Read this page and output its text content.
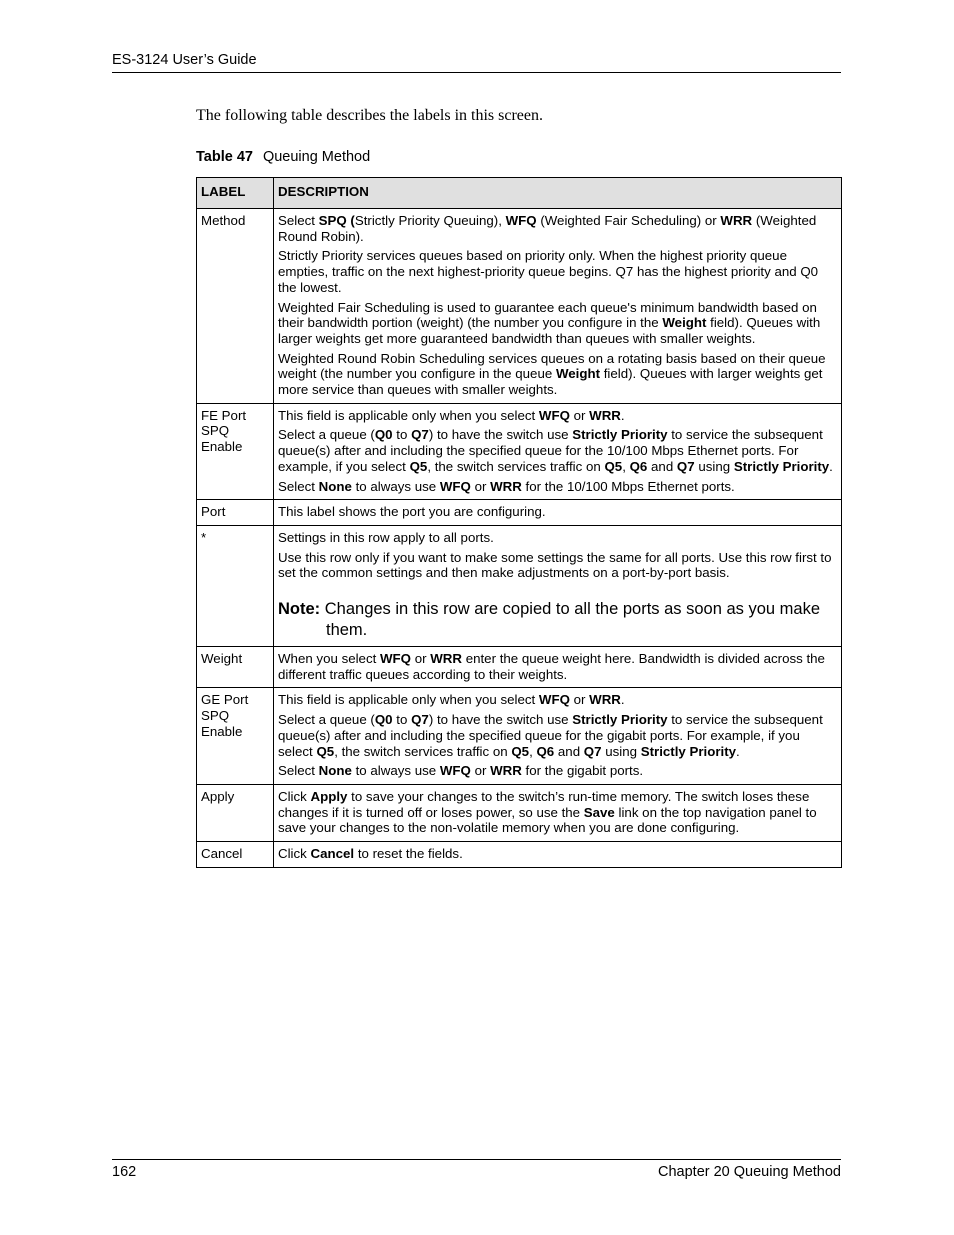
ES-3124 User’s Guide
The following table describes the labels in this screen.
Table 47 Queuing Method
LABEL	DESCRIPTION
Method	Select SPQ (Strictly Priority Queuing), WFQ (Weighted Fair Scheduling) or WRR (Weighted Round Robin).

Strictly Priority services queues based on priority only. When the highest priority queue empties, traffic on the next highest-priority queue begins. Q7 has the highest priority and Q0 the lowest.

Weighted Fair Scheduling is used to guarantee each queue's minimum bandwidth based on their bandwidth portion (weight) (the number you configure in the Weight field). Queues with larger weights get more guaranteed bandwidth than queues with smaller weights.

Weighted Round Robin Scheduling services queues on a rotating basis based on their queue weight (the number you configure in the queue Weight field). Queues with larger weights get more service than queues with smaller weights.

FE Port SPQ Enable	This field is applicable only when you select WFQ or WRR.

Select a queue (Q0 to Q7) to have the switch use Strictly Priority to service the subsequent queue(s) after and including the specified queue for the 10/100 Mbps Ethernet ports. For example, if you select Q5, the switch services traffic on Q5, Q6 and Q7 using Strictly Priority.

Select None to always use WFQ or WRR for the 10/100 Mbps Ethernet ports.

Port	This label shows the port you are configuring.

*	Settings in this row apply to all ports.

Use this row only if you want to make some settings the same for all ports. Use this row first to set the common settings and then make adjustments on a port-by-port basis.

Note: Changes in this row are copied to all the ports as soon as you make them.

Weight	When you select WFQ or WRR enter the queue weight here. Bandwidth is divided across the different traffic queues according to their weights.

GE Port SPQ Enable	This field is applicable only when you select WFQ or WRR.

Select a queue (Q0 to Q7) to have the switch use Strictly Priority to service the subsequent queue(s) after and including the specified queue for the gigabit ports. For example, if you select Q5, the switch services traffic on Q5, Q6 and Q7 using Strictly Priority.

Select None to always use WFQ or WRR for the gigabit ports.

Apply	Click Apply to save your changes to the switch’s run-time memory. The switch loses these changes if it is turned off or loses power, so use the Save link on the top navigation panel to save your changes to the non-volatile memory when you are done configuring.

Cancel	Click Cancel to reset the fields.

162	Chapter 20 Queuing Method
